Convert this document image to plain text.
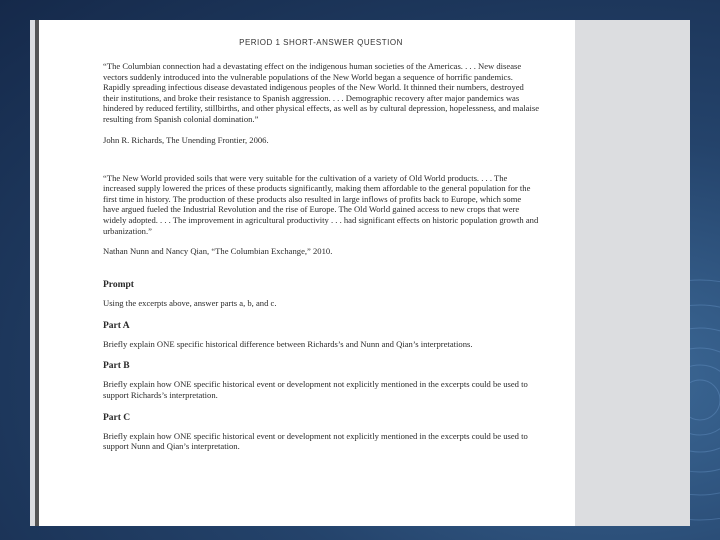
PERIOD 1 SHORT-ANSWER QUESTION

“The Columbian connection had a devastating effect on the indigenous human societies of the Americas. . . . New disease vectors suddenly introduced into the vulnerable populations of the New World began a sequence of horrific pandemics. Rapidly spreading infectious disease devastated indigenous peoples of the New World. It thinned their numbers, destroyed their institutions, and broke their resistance to Spanish aggression. . . . Demographic recovery after major pandemics was hindered by reduced fertility, stillbirths, and other physical effects, as well as by cultural depression, hopelessness, and malaise resulting from Spanish colonial domination.”

John R. Richards, The Unending Frontier, 2006.

“The New World provided soils that were very suitable for the cultivation of a variety of Old World products. . . . The increased supply lowered the prices of these products significantly, making them affordable to the general population for the first time in history. The production of these products also resulted in large inflows of profits back to Europe, which some have argued fueled the Industrial Revolution and the rise of Europe. The Old World gained access to new crops that were widely adopted. . . . The improvement in agricultural productivity . . . had significant effects on historic population growth and urbanization.”

Nathan Nunn and Nancy Qian, “The Columbian Exchange,” 2010.

Prompt

Using the excerpts above, answer parts a, b, and c.

Part A

Briefly explain ONE specific historical difference between Richards’s and Nunn and Qian’s interpretations.

Part B

Briefly explain how ONE specific historical event or development not explicitly mentioned in the excerpts could be used to support Richards’s interpretation.

Part C

Briefly explain how ONE specific historical event or development not explicitly mentioned in the excerpts could be used to support Nunn and Qian’s interpretation.
